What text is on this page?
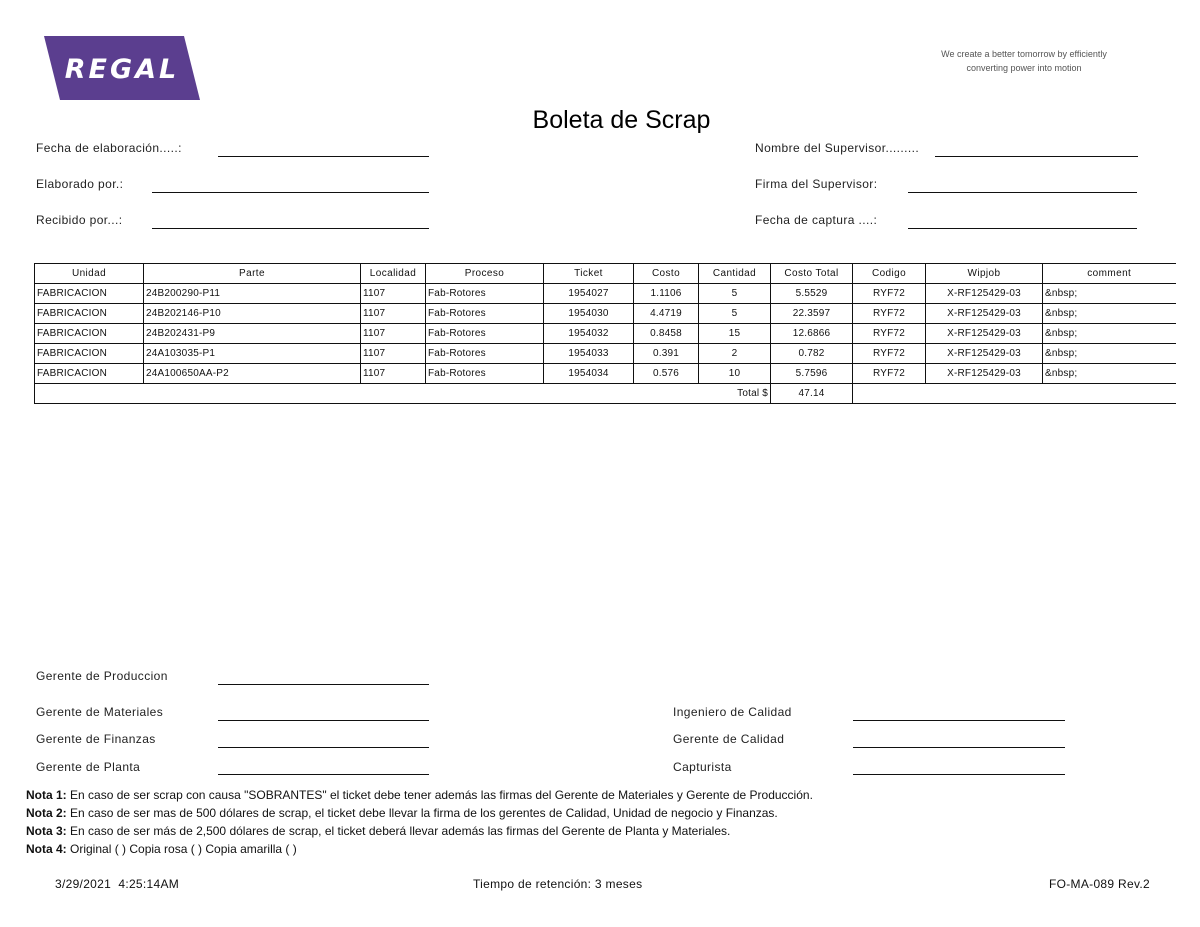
REGAL	We create a better tomorrow by efficiently
converting power into motion
Boleta de Scrap
Fecha de elaboración.....:
Elaborado por.:
Recibido por...:
Nombre del Supervisor.........
Firma del Supervisor:
Fecha de captura ....:
Unidad	Parte	Localidad	Proceso	Ticket	Costo	Cantidad	Costo Total	Codigo	Wipjob	comment
FABRICACION	24B200290-P11	1107	Fab-Rotores	1954027	1.1106	5	5.5529	RYF72	X-RF125429-03	&nbsp;
FABRICACION	24B202146-P10	1107	Fab-Rotores	1954030	4.4719	5	22.3597	RYF72	X-RF125429-03	&nbsp;
FABRICACION	24B202431-P9	1107	Fab-Rotores	1954032	0.8458	15	12.6866	RYF72	X-RF125429-03	&nbsp;
FABRICACION	24A103035-P1	1107	Fab-Rotores	1954033	0.391	2	0.782	RYF72	X-RF125429-03	&nbsp;
FABRICACION	24A100650AA-P2	1107	Fab-Rotores	1954034	0.576	10	5.7596	RYF72	X-RF125429-03	&nbsp;
						Total $	47.14			
Gerente de Produccion
Gerente de Materiales
Gerente de Finanzas
Gerente de Planta
Ingeniero de Calidad
Gerente de Calidad
Capturista
Nota 1: En caso de ser scrap con causa "SOBRANTES" el ticket debe tener además las firmas del Gerente de Materiales y Gerente de Producción.
Nota 2: En caso de ser mas de 500 dólares de scrap, el ticket debe llevar la firma de los gerentes de Calidad, Unidad de negocio y Finanzas.
Nota 3: En caso de ser más de 2,500 dólares de scrap, el ticket deberá llevar además las firmas del Gerente de Planta y Materiales.
Nota 4: Original ( ) Copia rosa ( ) Copia amarilla ( )
3/29/2021  4:25:14AM	Tiempo de retención: 3 meses	FO-MA-089 Rev.2
